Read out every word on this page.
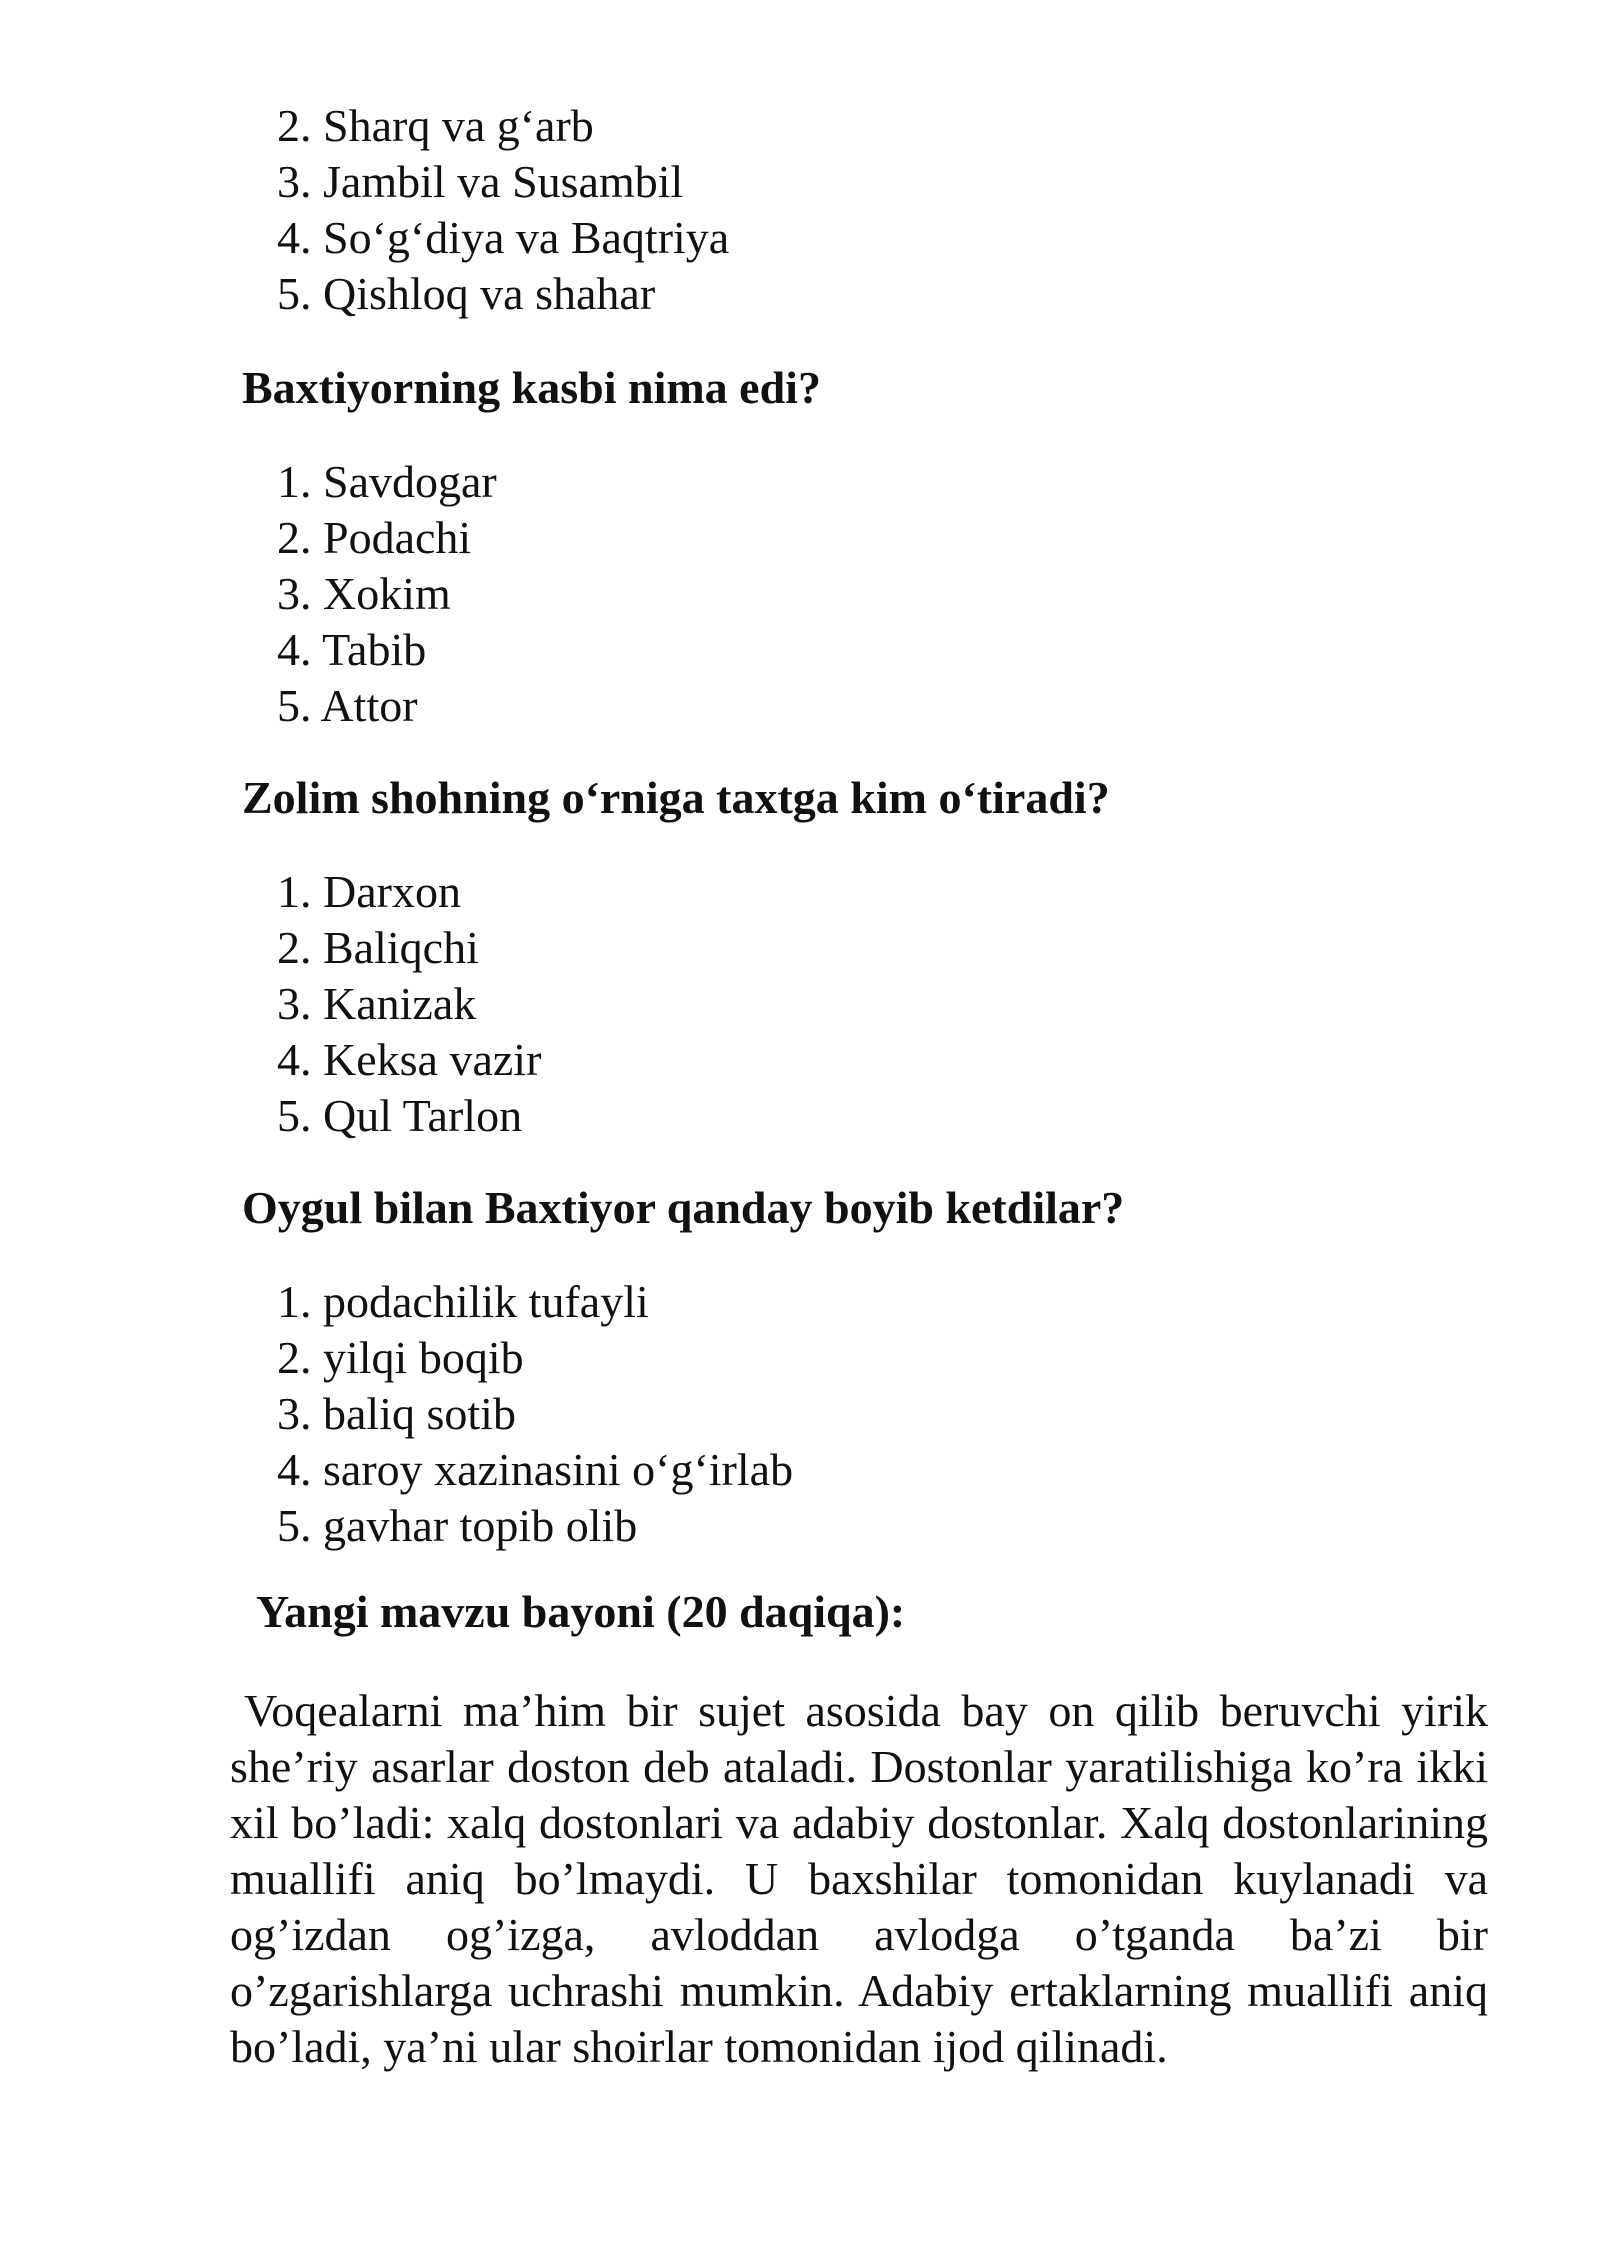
2. Sharq va g‘arb
3. Jambil va Susambil
4. So‘g‘diya va Baqtriya
5. Qishloq va shahar

Baxtiyorning kasbi nima edi?

1. Savdogar
2. Podachi
3. Xokim
4. Tabib
5. Attor

Zolim shohning o‘rniga taxtga kim o‘tiradi?

1. Darxon
2. Baliqchi
3. Kanizak
4. Keksa vazir
5. Qul Tarlon

Oygul bilan Baxtiyor qanday boyib ketdilar?

1. podachilik tufayli
2. yilqi boqib
3. baliq sotib
4. saroy xazinasini o‘g‘irlab
5. gavhar topib olib

Yangi mavzu bayoni (20 daqiqa):

Voqealarni ma’him bir sujet asosida bay on qilib beruvchi yirik she’riy asarlar doston deb ataladi. Dostonlar yaratilishiga ko’ra ikki xil bo’ladi: xalq dostonlari va adabiy dostonlar. Xalq dostonlarining muallifi aniq bo’lmaydi. U baxshilar tomonidan kuylanadi va og’izdan og’izga, avloddan avlodga o’tganda ba’zi bir o’zgarishlarga uchrashi mumkin. Adabiy ertaklarning muallifi aniq bo’ladi, ya’ni ular shoirlar tomonidan ijod qilinadi.
